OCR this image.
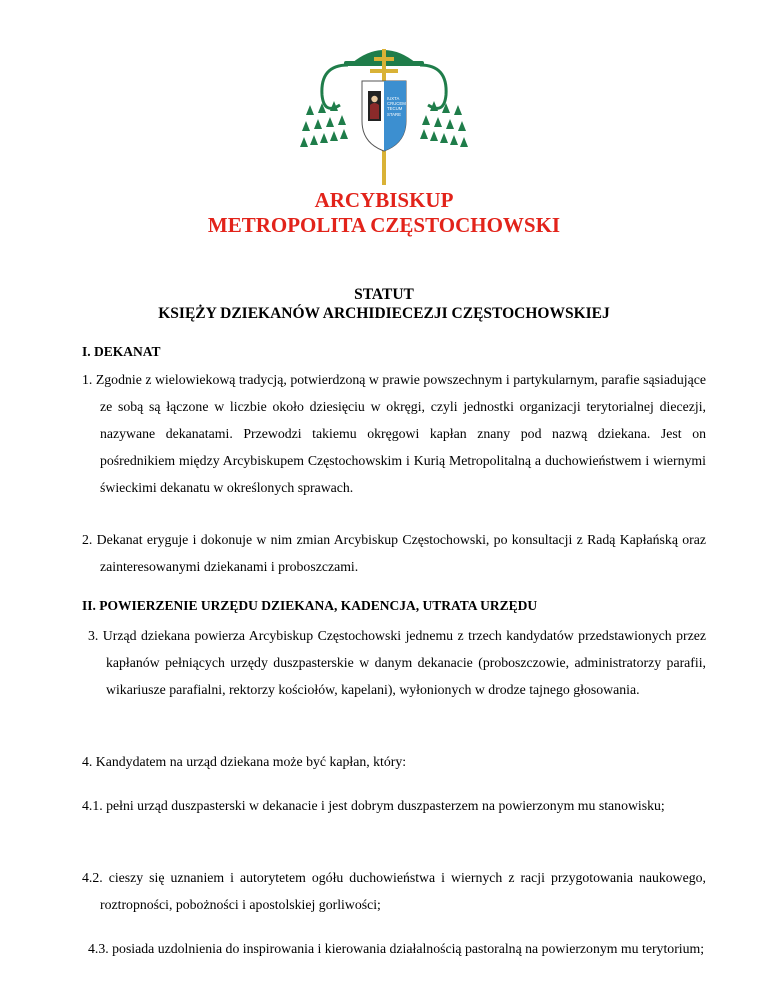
IUXTA
CRUCEM
TECUM
STARE
ARCYBISKUP
METROPOLITA CZĘSTOCHOWSKI
STATUT
KSIĘŻY DZIEKANÓW ARCHIDIECEZJI CZĘSTOCHOWSKIEJ
I. DEKANAT

1. Zgodnie z wielowiekową tradycją, potwierdzoną w prawie powszechnym i partykularnym, parafie sąsiadujące ze sobą są łączone w liczbie około dziesięciu w okręgi, czyli jednostki organizacji terytorialnej diecezji, nazywane dekanatami. Przewodzi takiemu okręgowi kapłan znany pod nazwą dziekana. Jest on pośrednikiem między Arcybiskupem Częstochowskim i Kurią Metropolitalną a duchowieństwem i wiernymi świeckimi dekanatu w określonych sprawach.

2. Dekanat eryguje i dokonuje w nim zmian Arcybiskup Częstochowski, po konsultacji z Radą Kapłańską oraz zainteresowanymi dziekanami i proboszczami.

II. POWIERZENIE URZĘDU DZIEKANA, KADENCJA, UTRATA URZĘDU

3. Urząd dziekana powierza Arcybiskup Częstochowski jednemu z trzech kandydatów przedstawionych przez kapłanów pełniących urzędy duszpasterskie w danym dekanacie (proboszczowie, administratorzy parafii, wikariusze parafialni, rektorzy kościołów, kapelani), wyłonionych w drodze tajnego głosowania.

4. Kandydatem na urząd dziekana może być kapłan, który:

4.1. pełni urząd duszpasterski w dekanacie i jest dobrym duszpasterzem na powierzonym mu stanowisku;

4.2. cieszy się uznaniem i autorytetem ogółu duchowieństwa i wiernych z racji przygotowania naukowego, roztropności, pobożności i apostolskiej gorliwości;

4.3. posiada uzdolnienia do inspirowania i kierowania działalnością pastoralną na powierzonym mu terytorium;
